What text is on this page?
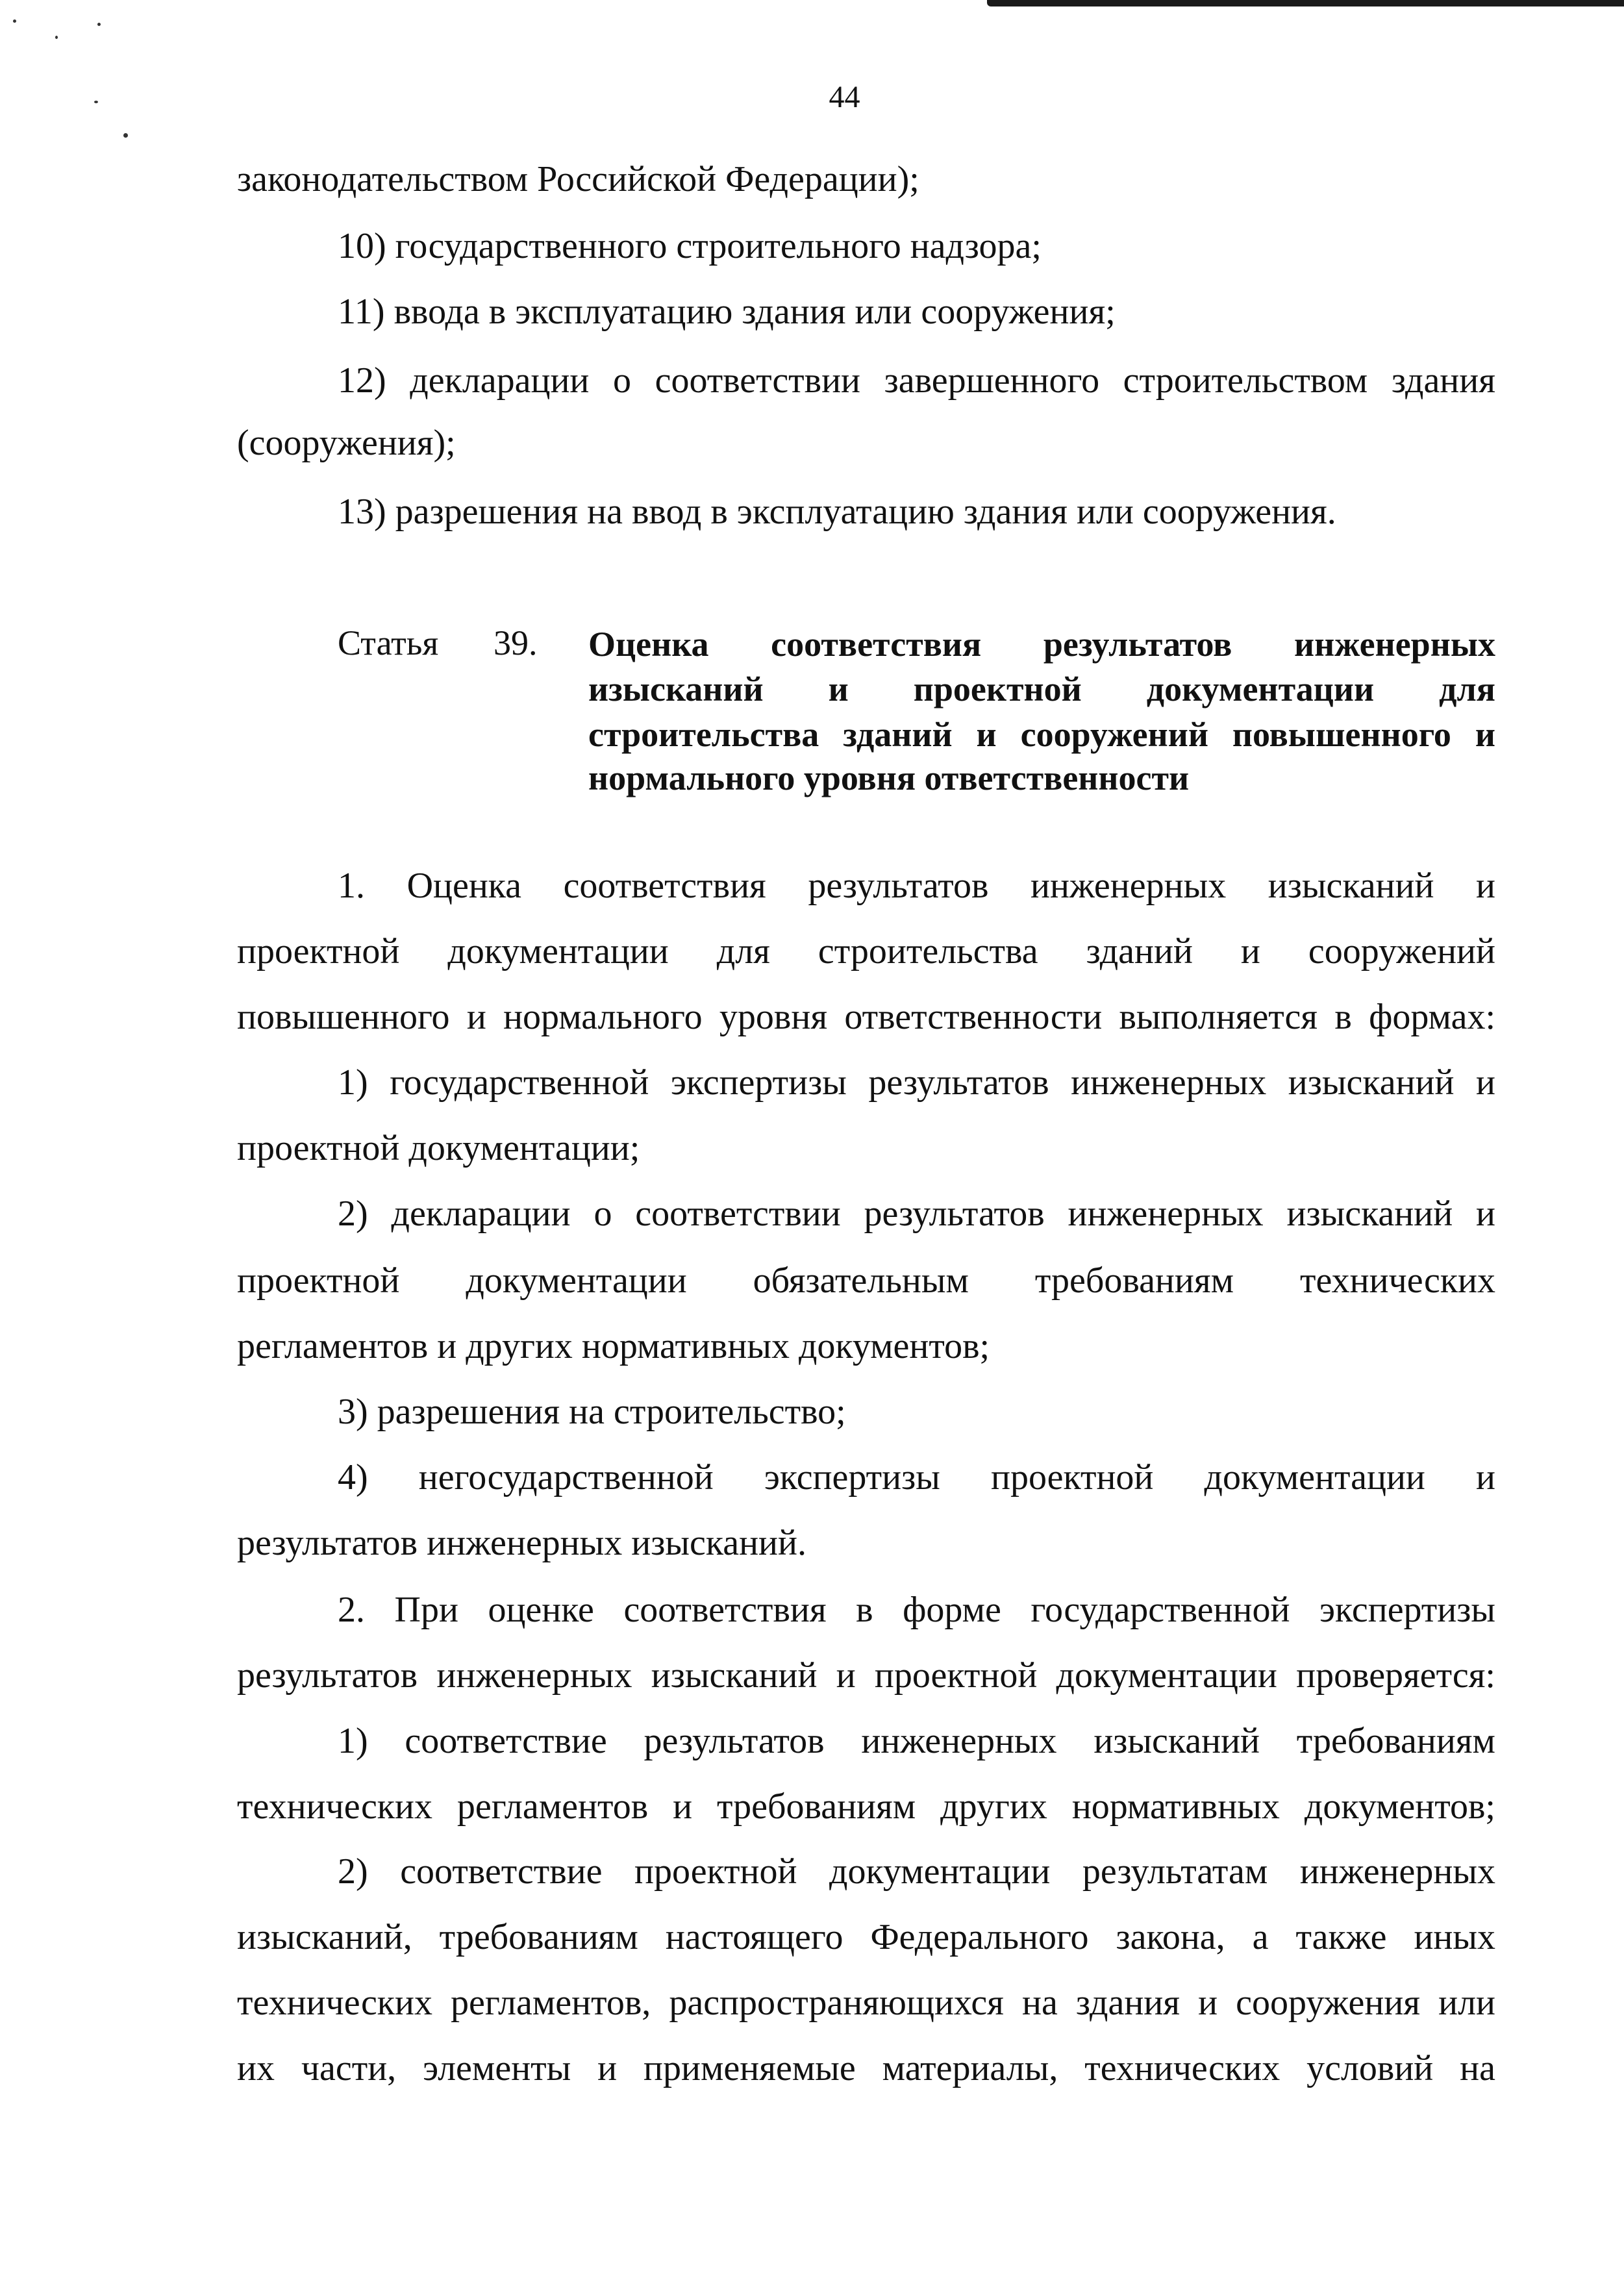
44
законодательством Российской Федерации);
10) государственного строительного надзора;
11) ввода в эксплуатацию здания или сооружения;
12) декларации о соответствии завершенного строительством здания
(сооружения);
13) разрешения на ввод в эксплуатацию здания или сооружения.
Статья 39. Оценка соответствия результатов инженерных
изысканий и проектной документации для
строительства зданий и сооружений повышенного и
нормального уровня ответственности
1. Оценка соответствия результатов инженерных изысканий и
проектной документации для строительства зданий и сооружений
повышенного и нормального уровня ответственности выполняется в формах:
1) государственной экспертизы результатов инженерных изысканий и
проектной документации;
2) декларации о соответствии результатов инженерных изысканий и
проектной документации обязательным требованиям технических
регламентов и других нормативных документов;
3) разрешения на строительство;
4) негосударственной экспертизы проектной документации и
результатов инженерных изысканий.
2. При оценке соответствия в форме государственной экспертизы
результатов инженерных изысканий и проектной документации проверяется:
1) соответствие результатов инженерных изысканий требованиям
технических регламентов и требованиям других нормативных документов;
2) соответствие проектной документации результатам инженерных
изысканий, требованиям настоящего Федерального закона, а также иных
технических регламентов, распространяющихся на здания и сооружения или
их части, элементы и применяемые материалы, технических условий на
